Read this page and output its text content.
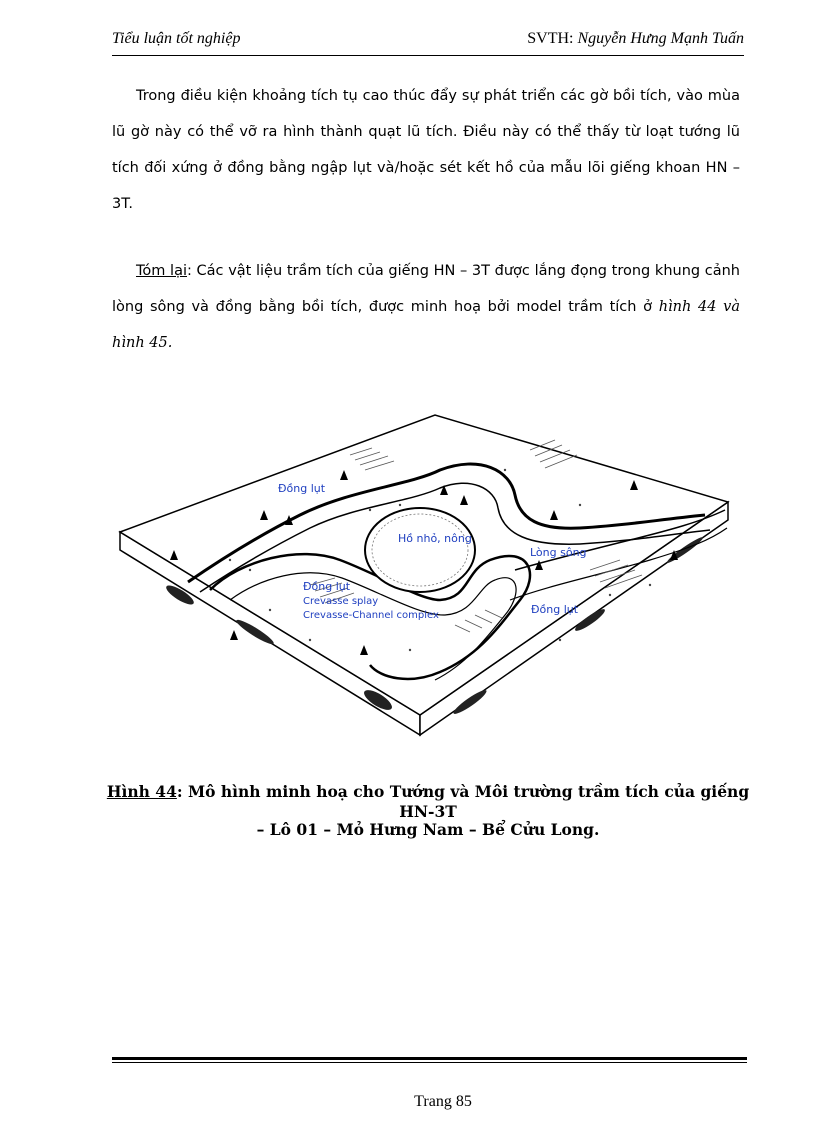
Tiểu luận tốt nghiệp	SVTH: Nguyễn Hưng Mạnh Tuấn

Trong điều kiện khoảng tích tụ cao thúc đẩy sự phát triển các gờ bồi tích, vào mùa lũ gờ này có thể vỡ ra hình thành quạt lũ tích. Điều này có thể thấy từ loạt tướng lũ tích đối xứng ở đồng bằng ngập lụt và/hoặc sét kết hồ của mẫu lõi giếng khoan HN – 3T.

Tóm lại: Các vật liệu trầm tích của giếng HN – 3T được lắng đọng trong khung cảnh lòng sông và đồng bằng bồi tích, được minh hoạ bởi model trầm tích ở hình 44 và hình 45.

Đồng lụt
Hồ nhỏ, nông
Lòng sông
Đồng lụt
Crevasse splay
Crevasse-Channel complex	Đồng lụt
Hình 44: Mô hình minh hoạ cho Tướng và Môi trường trầm tích của giếng HN-3T
– Lô 01 – Mỏ Hưng Nam – Bể Cửu Long.
Trang 85
